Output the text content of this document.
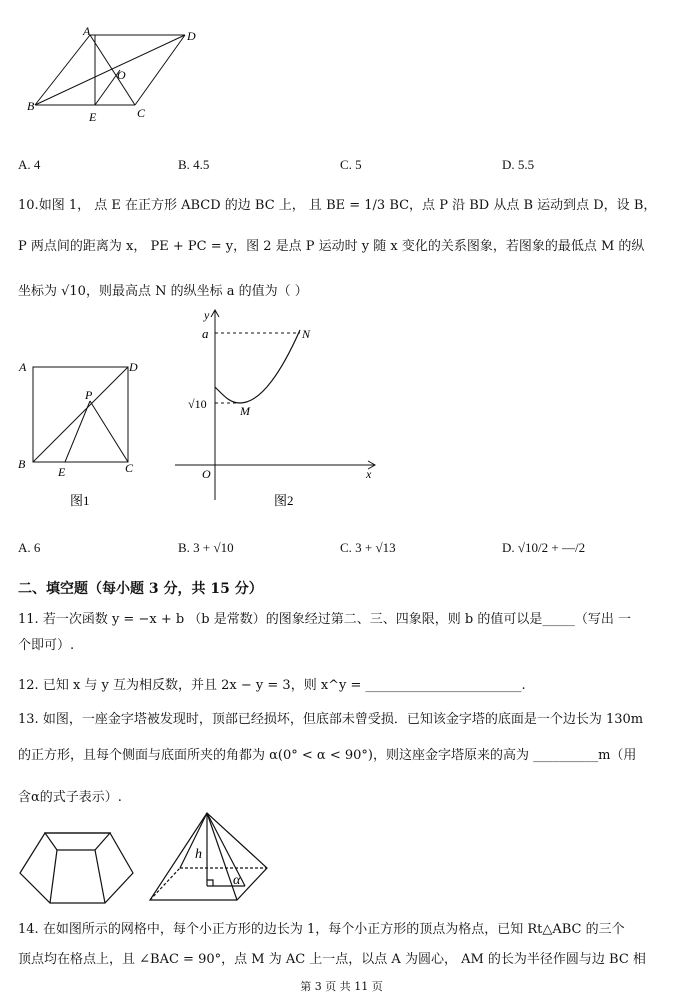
A	D
O
B
E	C
A. 4	B. 4.5	C. 5	D. 5.5
10.如图 1， 点 E 在正方形 ABCD 的边 BC 上， 且 BE = 1/3 BC，点 P 沿 BD 从点 B 运动到点 D，设 B，
P 两点间的距离为 x， PE + PC = y，图 2 是点 P 运动时 y 随 x 变化的关系图象，若图象的最低点 M 的纵
坐标为 √10，则最高点 N 的纵坐标 a 的值为（ ）
A	D
P
B
E	C
图1
y
a	N
√10	M
O	x
图2
A. 6	B. 3 + √10	C. 3 + √13	D. √10/2 + —/2
二、填空题（每小题 3 分，共 15 分）
11. 若一次函数 y = −x + b （b 是常数）的图象经过第二、三、四象限，则 b 的值可以是_____（写出 一
个即可）.
12. 已知 x 与 y 互为相反数，并且 2x − y = 3，则 x^y = ________________________.
13. 如图，一座金字塔被发现时，顶部已经损坏，但底部未曾受损．已知该金字塔的底面是一个边长为 130m
的正方形，且每个侧面与底面所夹的角都为 α(0° < α < 90°)，则这座金字塔原来的高为 __________m（用
含α的式子表示）.
h
α
14. 在如图所示的网格中，每个小正方形的边长为 1，每个小正方形的顶点为格点，已知 Rt△ABC 的三个
顶点均在格点上，且 ∠BAC = 90°，点 M 为 AC 上一点，以点 A 为圆心， AM 的长为半径作圆与边 BC 相
第 3 页 共 11 页
